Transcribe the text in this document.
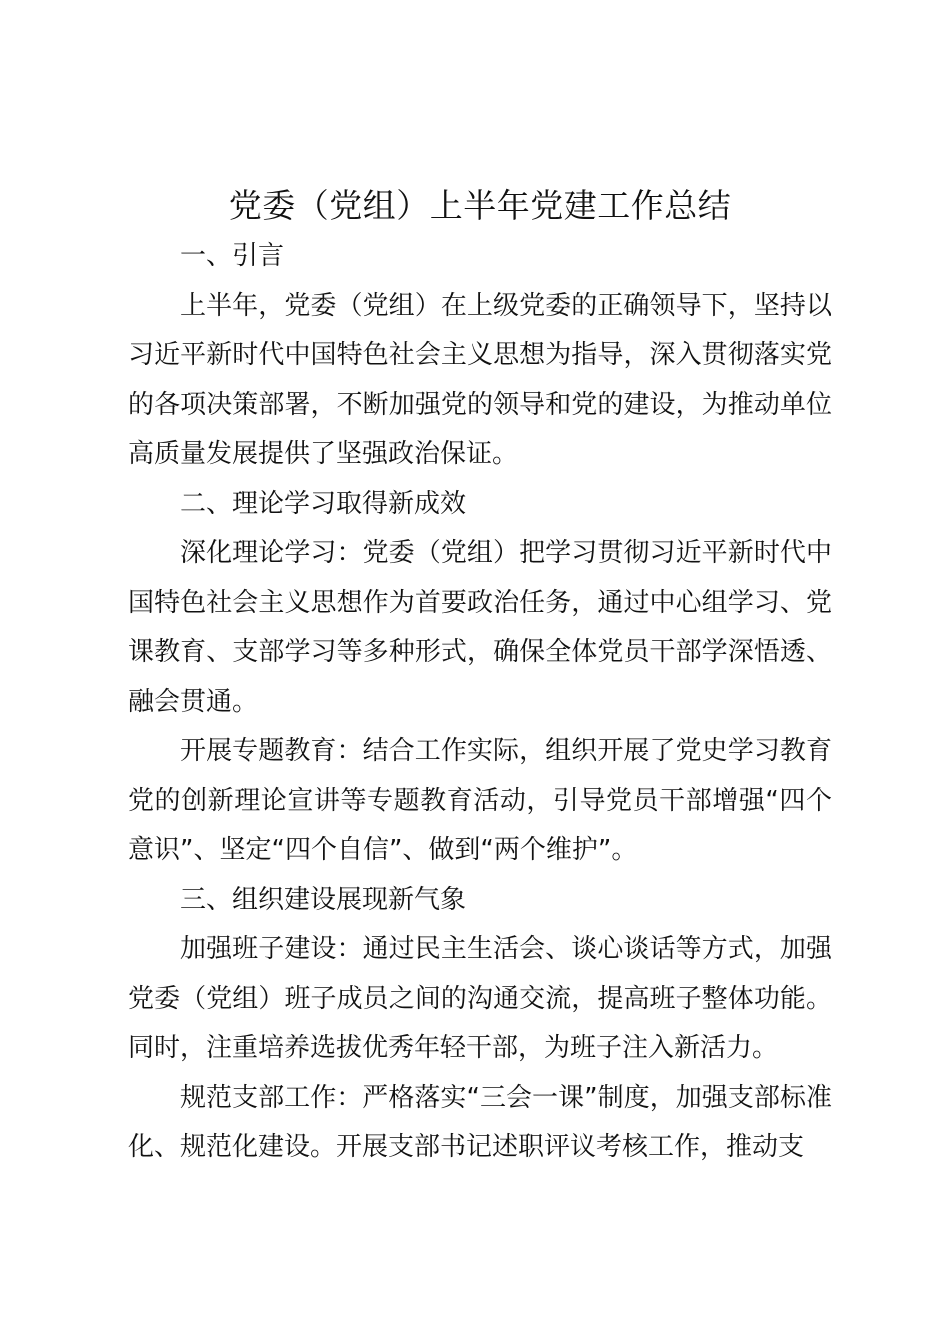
党委（党组）上半年党建工作总结

一、引言

上半年，党委（党组）在上级党委的正确领导下，坚持以习近平新时代中国特色社会主义思想为指导，深入贯彻落实党的各项决策部署，不断加强党的领导和党的建设，为推动单位高质量发展提供了坚强政治保证。

二、理论学习取得新成效

深化理论学习：党委（党组）把学习贯彻习近平新时代中国特色社会主义思想作为首要政治任务，通过中心组学习、党课教育、支部学习等多种形式，确保全体党员干部学深悟透、融会贯通。

开展专题教育：结合工作实际，组织开展了党史学习教育党的创新理论宣讲等专题教育活动，引导党员干部增强“四个意识”、坚定“四个自信”、做到“两个维护”。

三、组织建设展现新气象

加强班子建设：通过民主生活会、谈心谈话等方式，加强党委（党组）班子成员之间的沟通交流，提高班子整体功能。同时，注重培养选拔优秀年轻干部，为班子注入新活力。

规范支部工作：严格落实“三会一课”制度，加强支部标准化、规范化建设。开展支部书记述职评议考核工作，推动支
